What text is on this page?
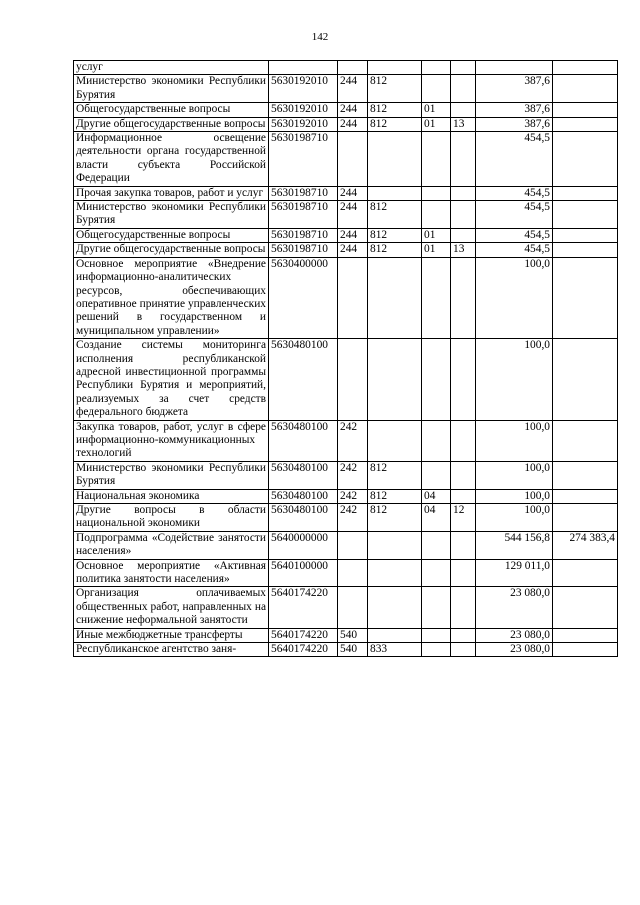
142
услуг							
Министерство экономики Республики Бурятия	5630192010	244	812			387,6	
Общегосударственные вопросы	5630192010	244	812	01		387,6	
Другие общегосударственные вопросы	5630192010	244	812	01	13	387,6	
Информационное освещение деятельности органа государственной власти субъекта Российской Федерации	5630198710					454,5	
Прочая закупка товаров, работ и услуг	5630198710	244				454,5	
Министерство экономики Республики Бурятия	5630198710	244	812			454,5	
Общегосударственные вопросы	5630198710	244	812	01		454,5	
Другие общегосударственные вопросы	5630198710	244	812	01	13	454,5	
Основное мероприятие «Внедрение информационно-аналитических ресурсов, обеспечивающих оперативное принятие управленческих решений в государственном и муниципальном управлении»	5630400000					100,0	
Создание системы мониторинга исполнения республиканской адресной инвестиционной программы Республики Бурятия и мероприятий, реализуемых за счет средств федерального бюджета	5630480100					100,0	
Закупка товаров, работ, услуг в сфере информационно-коммуникационных технологий	5630480100	242				100,0	
Министерство экономики Республики Бурятия	5630480100	242	812			100,0	
Национальная экономика	5630480100	242	812	04		100,0	
Другие вопросы в области национальной экономики	5630480100	242	812	04	12	100,0	
Подпрограмма «Содействие занятости населения»	5640000000					544 156,8	274 383,4
Основное мероприятие «Активная политика занятости населения»	5640100000					129 011,0	
Организация оплачиваемых общественных работ, направленных на снижение неформальной занятости	5640174220					23 080,0	
Иные межбюджетные трансферты	5640174220	540				23 080,0	
Республиканское агентство заня-	5640174220	540	833			23 080,0	
